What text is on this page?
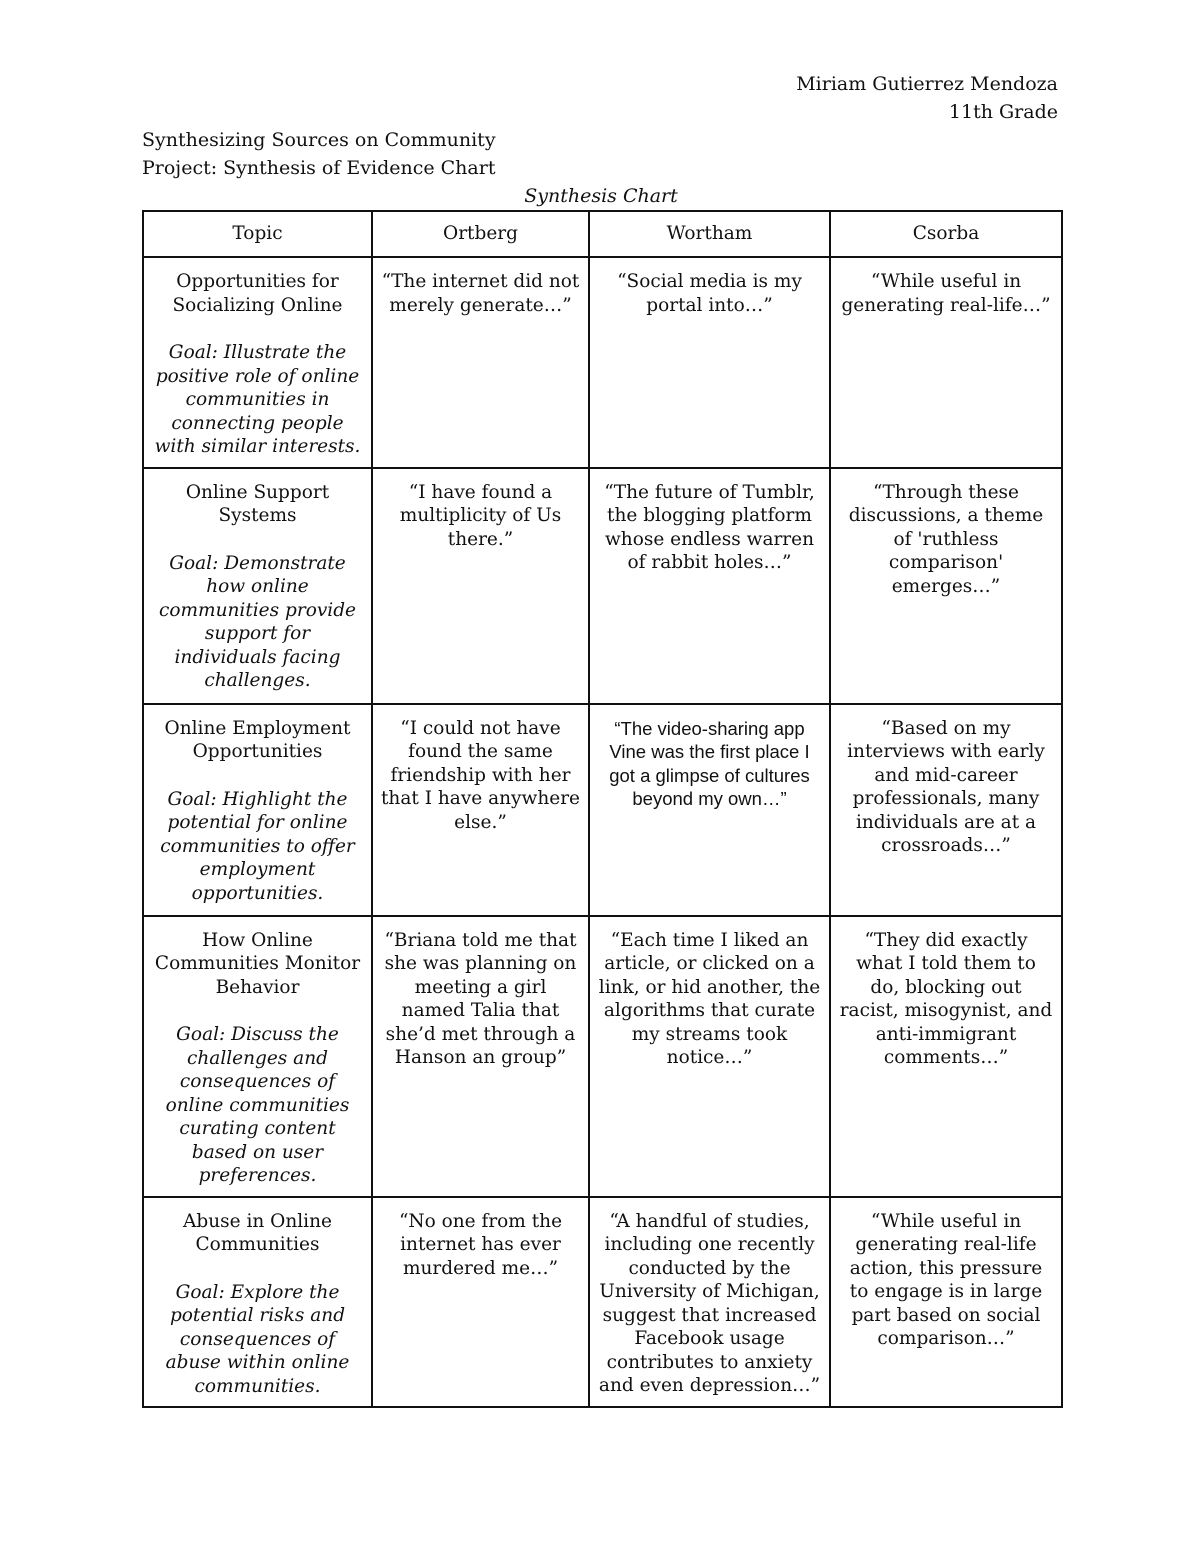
Miriam Gutierrez Mendoza
11th Grade
Synthesizing Sources on Community
Project: Synthesis of Evidence Chart
Synthesis Chart
Topic	Ortberg	Wortham	Csorba

Opportunities for Socializing Online
Goal: Illustrate the positive role of online communities in connecting people with similar interests.	“The internet did not merely generate…”	“Social media is my portal into…”	“While useful in generating real-life…”

Online Support Systems
Goal: Demonstrate how online communities provide support for individuals facing challenges.	“I have found a multiplicity of Us there.”	“The future of Tumblr, the blogging platform whose endless warren of rabbit holes…”	“Through these discussions, a theme of 'ruthless comparison' emerges…”

Online Employment Opportunities
Goal: Highlight the potential for online communities to offer employment opportunities.	“I could not have found the same friendship with her that I have anywhere else.”	“The video-sharing app Vine was the first place I got a glimpse of cultures beyond my own…”	“Based on my interviews with early and mid-career professionals, many individuals are at a crossroads…”

How Online Communities Monitor Behavior
Goal: Discuss the challenges and consequences of online communities curating content based on user preferences.	“Briana told me that she was planning on meeting a girl named Talia that she’d met through a Hanson an group”	“Each time I liked an article, or clicked on a link, or hid another, the algorithms that curate my streams took notice…”	“They did exactly what I told them to do, blocking out racist, misogynist, and anti-immigrant comments…”

Abuse in Online Communities
Goal: Explore the potential risks and consequences of abuse within online communities.	“No one from the internet has ever murdered me…”	“A handful of studies, including one recently conducted by the University of Michigan, suggest that increased Facebook usage contributes to anxiety and even depression…”	“While useful in generating real-life action, this pressure to engage is in large part based on social comparison…”
